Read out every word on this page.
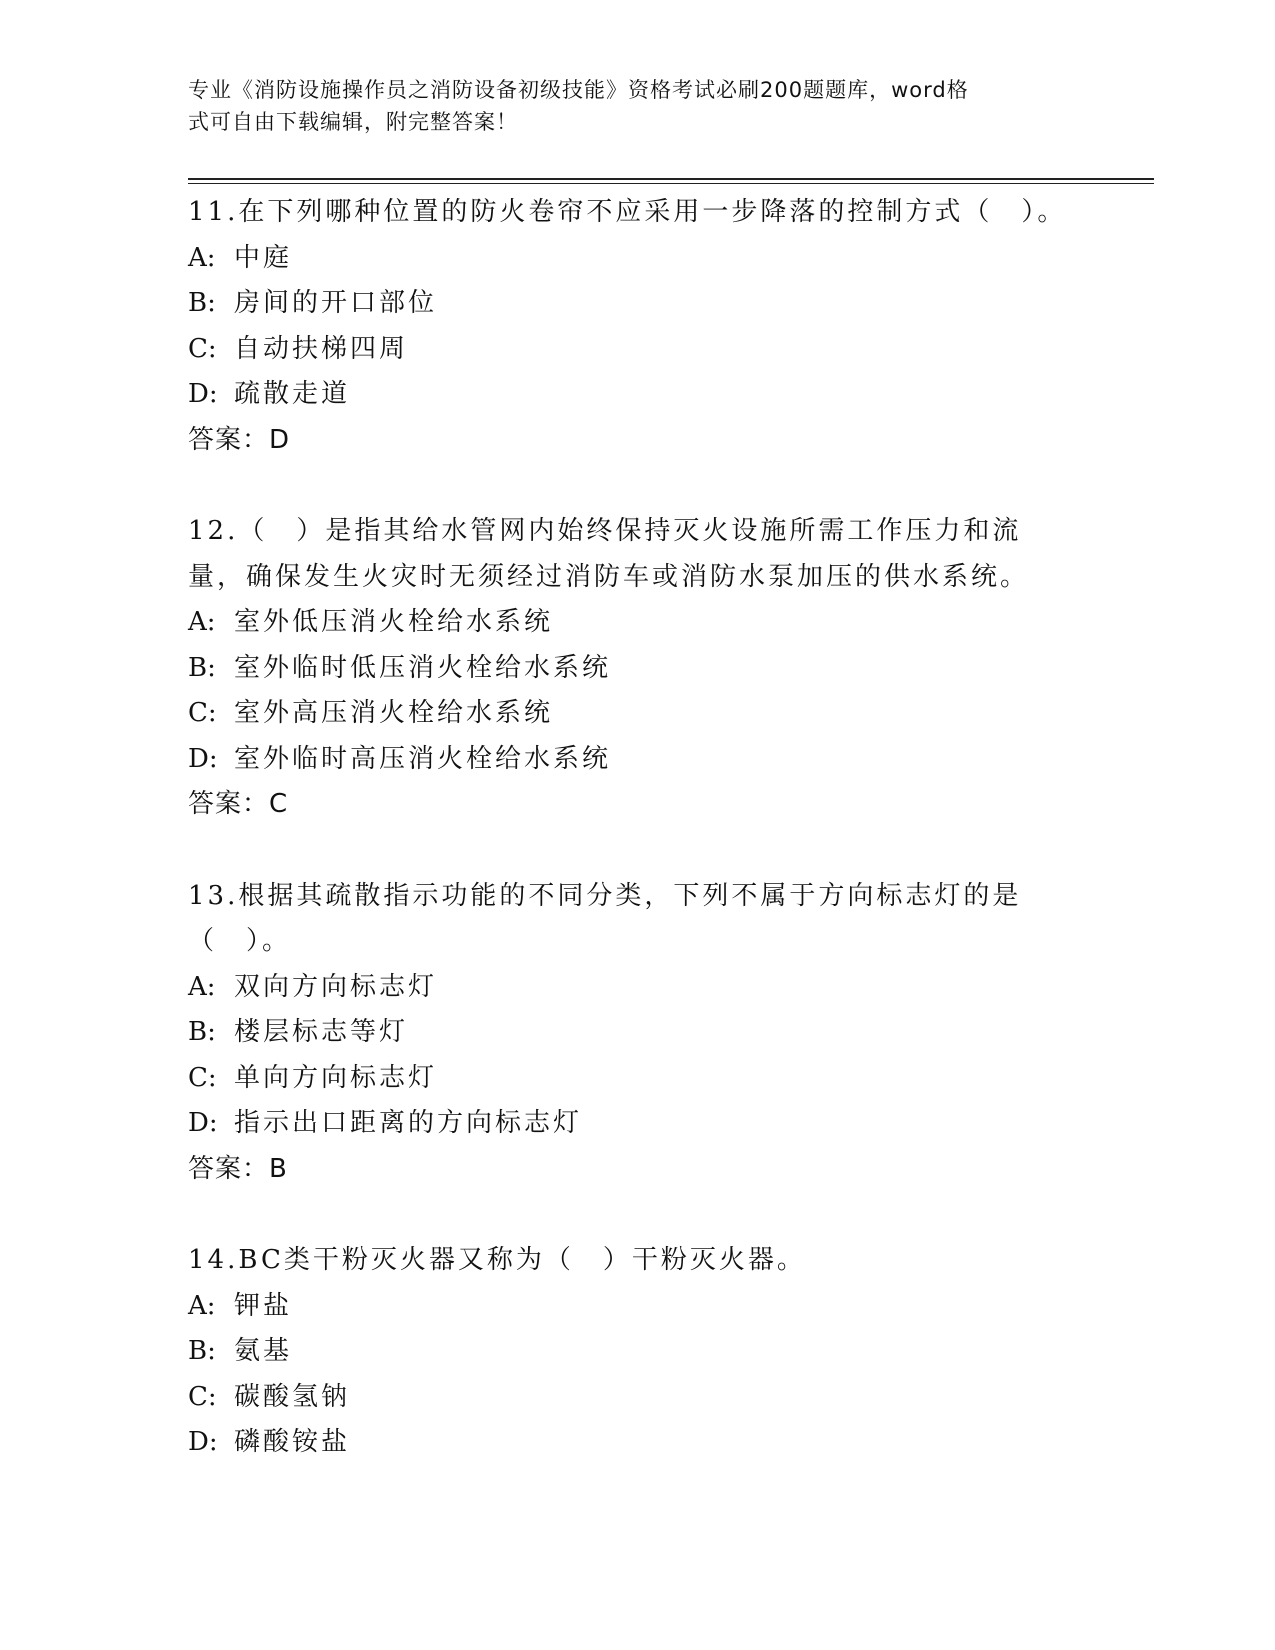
专业《消防设施操作员之消防设备初级技能》资格考试必刷200题题库，word格
式可自由下载编辑，附完整答案！

11.在下列哪种位置的防火卷帘不应采用一步降落的控制方式（　）。

A: 中庭

B: 房间的开口部位

C: 自动扶梯四周

D: 疏散走道

答案：D

12.（　）是指其给水管网内始终保持灭火设施所需工作压力和流量，确保发生火灾时无须经过消防车或消防水泵加压的供水系统。

A: 室外低压消火栓给水系统

B: 室外临时低压消火栓给水系统

C: 室外高压消火栓给水系统

D: 室外临时高压消火栓给水系统

答案：C

13.根据其疏散指示功能的不同分类，下列不属于方向标志灯的是（　）。

A: 双向方向标志灯

B: 楼层标志等灯

C: 单向方向标志灯

D: 指示出口距离的方向标志灯

答案：B

14.BC类干粉灭火器又称为（　）干粉灭火器。

A: 钾盐

B: 氨基

C: 碳酸氢钠

D: 磷酸铵盐
